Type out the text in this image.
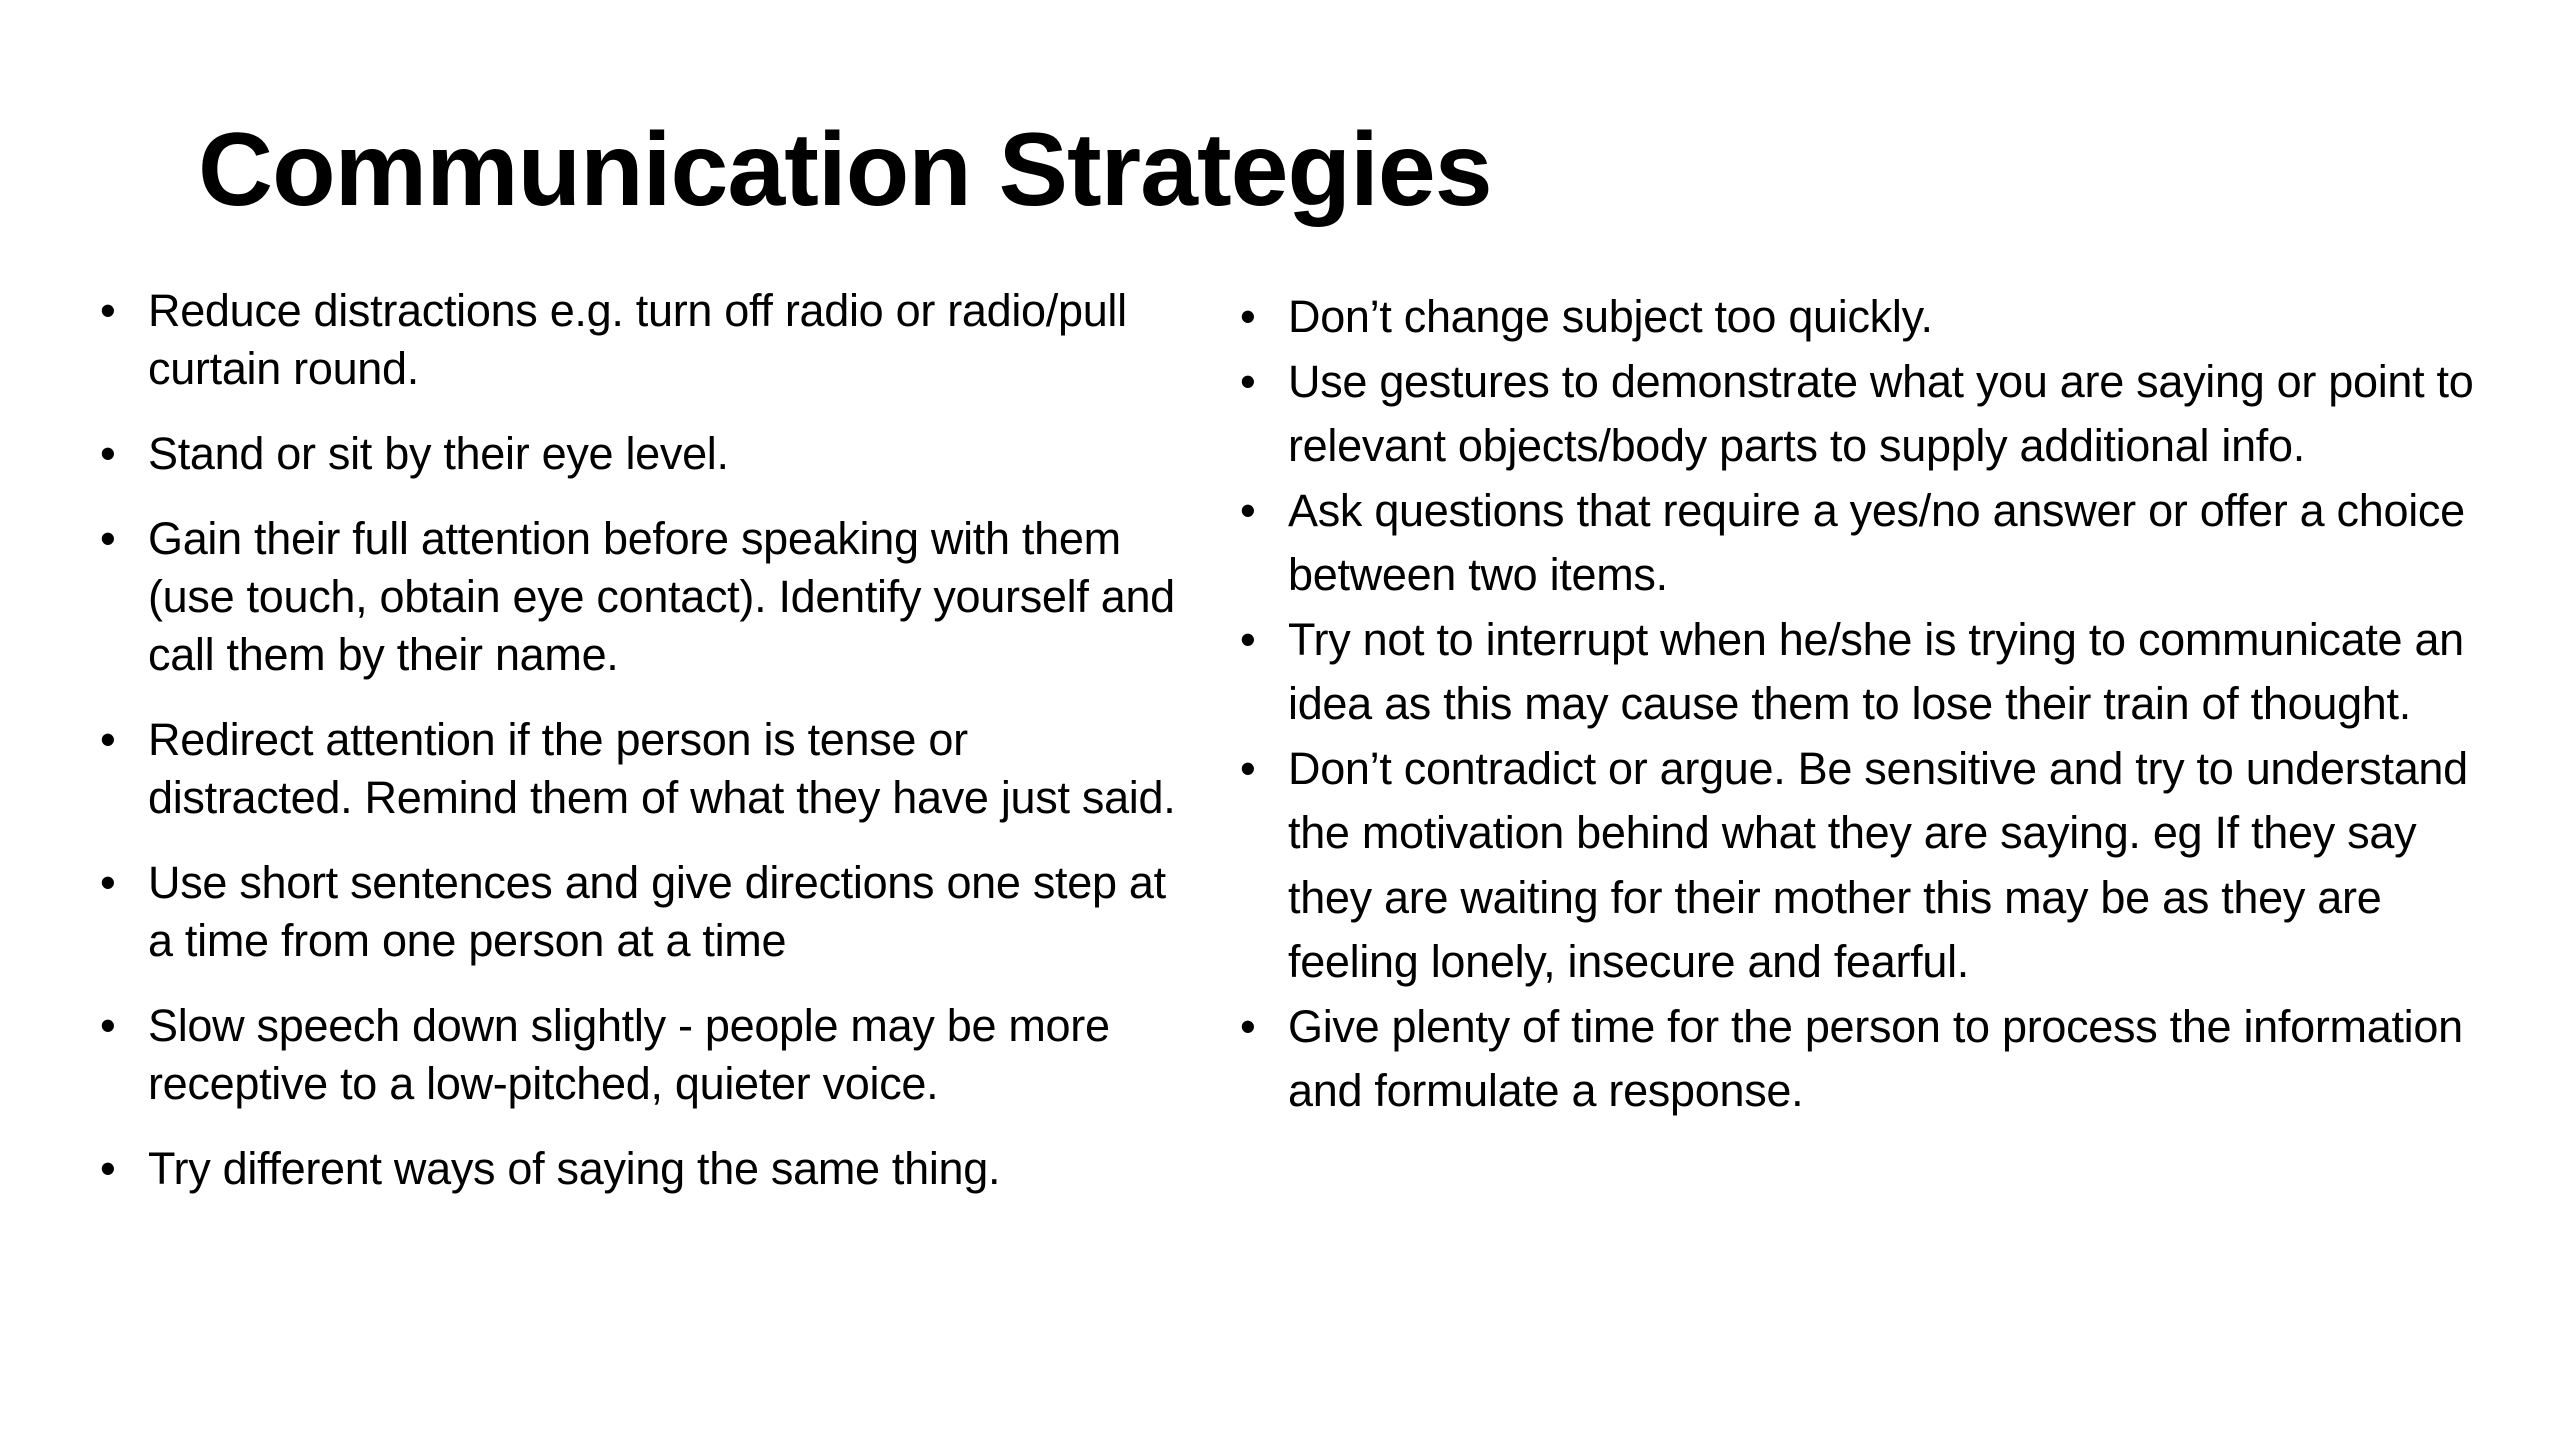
Communication Strategies
• Reduce distractions e.g. turn off radio or radio/pull curtain round.
• Stand or sit by their eye level.
• Gain their full attention before speaking with them (use touch, obtain eye contact). Identify yourself and call them by their name.
• Redirect attention if the person is tense or distracted. Remind them of what they have just said.
• Use short sentences and give directions one step at a time from one person at a time
• Slow speech down slightly - people may be more receptive to a low-pitched, quieter voice.
• Try different ways of saying the same thing.
• Don’t change subject too quickly.
• Use gestures to demonstrate what you are saying or point to relevant objects/body parts to supply additional info.
• Ask questions that require a yes/no answer or offer a choice between two items.
• Try not to interrupt when he/she is trying to communicate an idea as this may cause them to lose their train of thought.
• Don’t contradict or argue. Be sensitive and try to understand the motivation behind what they are saying. eg If they say they are waiting for their mother this may be as they are feeling lonely, insecure and fearful.
• Give plenty of time for the person to process the information and formulate a response.
